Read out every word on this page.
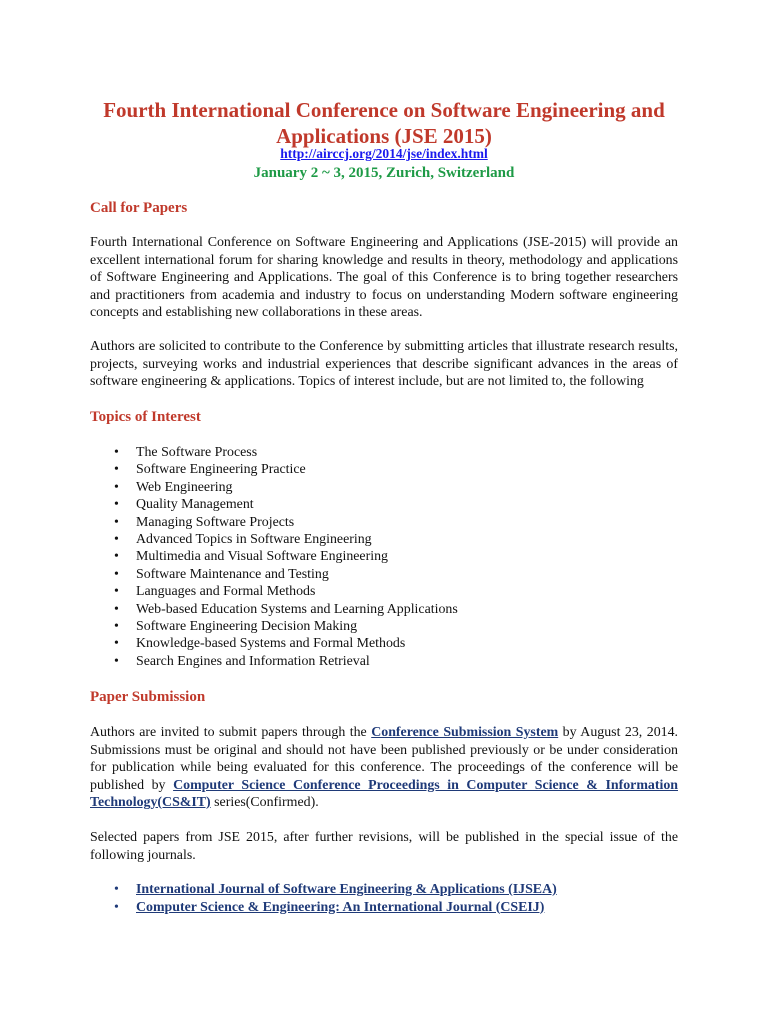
Fourth International Conference on Software Engineering and Applications (JSE 2015)
http://airccj.org/2014/jse/index.html
January 2 ~ 3, 2015, Zurich, Switzerland
Call for Papers

Fourth International Conference on Software Engineering and Applications (JSE-2015) will provide an excellent international forum for sharing knowledge and results in theory, methodology and applications of Software Engineering and Applications. The goal of this Conference is to bring together researchers and practitioners from academia and industry to focus on understanding Modern software engineering concepts and establishing new collaborations in these areas.

Authors are solicited to contribute to the Conference by submitting articles that illustrate research results, projects, surveying works and industrial experiences that describe significant advances in the areas of software engineering & applications. Topics of interest include, but are not limited to, the following

Topics of Interest
• The Software Process
• Software Engineering Practice
• Web Engineering
• Quality Management
• Managing Software Projects
• Advanced Topics in Software Engineering
• Multimedia and Visual Software Engineering
• Software Maintenance and Testing
• Languages and Formal Methods
• Web-based Education Systems and Learning Applications
• Software Engineering Decision Making
• Knowledge-based Systems and Formal Methods
• Search Engines and Information Retrieval
Paper Submission

Authors are invited to submit papers through the Conference Submission System by August 23, 2014. Submissions must be original and should not have been published previously or be under consideration for publication while being evaluated for this conference. The proceedings of the conference will be published by Computer Science Conference Proceedings in Computer Science & Information Technology(CS&IT) series(Confirmed).

Selected papers from JSE 2015, after further revisions, will be published in the special issue of the following journals.

• International Journal of Software Engineering & Applications (IJSEA)
• Computer Science & Engineering: An International Journal (CSEIJ)
